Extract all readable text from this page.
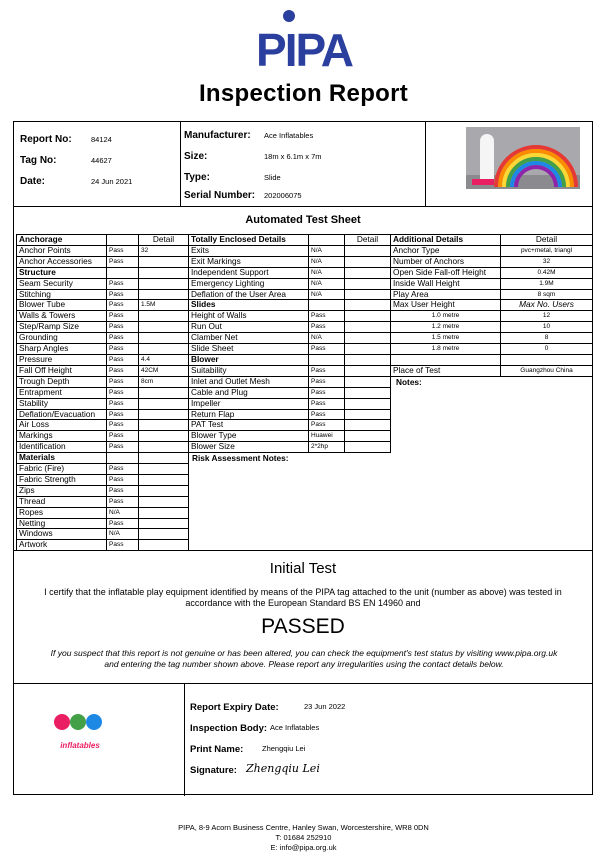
PIPA
Inspection Report
Report No:	84124
Tag No:	44627
Date:	24 Jun 2021
Manufacturer: Ace Inflatables
Size:	18m x 6.1m x 7m
Type:	Slide
Serial Number: 202006075
Automated Test Sheet
Anchorage		Detail
Anchor Points	Pass	32
Anchor Accessories	Pass	
Structure		
Seam Security	Pass	
Stitching	Pass	
Blower Tube	Pass	1.5M
Walls & Towers	Pass	
Step/Ramp Size	Pass	
Grounding	Pass	
Sharp Angles	Pass	
Pressure	Pass	4.4
Fall Off Height	Pass	42CM
Trough Depth	Pass	8cm
Entrapment	Pass	
Stability	Pass	
Deflation/Evacuation	Pass	
Air Loss	Pass	
Markings	Pass	
Identification	Pass	
Materials		
Fabric (Fire)	Pass	
Fabric Strength	Pass	
Zips	Pass	
Thread	Pass	
Ropes	N/A	
Netting	Pass	
Windows	N/A	
Artwork	Pass	
Totally Enclosed Details		Detail
Exits	N/A	
Exit Markings	N/A	
Independent Support	N/A	
Emergency Lighting	N/A	
Deflation of the User Area	N/A	
Slides		
Height of Walls	Pass	
Run Out	Pass	
Clamber Net	N/A	
Slide Sheet	Pass	
Blower		
Suitability	Pass	
Inlet and Outlet Mesh	Pass	
Cable and Plug	Pass	
Impeller	Pass	
Return Flap	Pass	
PAT Test	Pass	
Blower Type	Huawei	
Blower Size	2*2hp	
Risk Assessment Notes:
Additional Details	Detail
Anchor Type	pvc+metal, triangl
Number of Anchors	32
Open Side Fall-off Height	0.42M
Inside Wall Height	1.9M
Play Area	8 sqm
Max User Height	Max No. Users
1.0 metre	12
1.2 metre	10
1.5 metre	8
1.8 metre	0

Place of Test	Guangzhou China
Notes:
Initial Test
I certify that the inflatable play equipment identified by means of the PIPA tag attached to the unit (number as above) was tested in accordance with the European Standard BS EN 14960 and
PASSED
If you suspect that this report is not genuine or has been altered, you can check the equipment's test status by visiting www.pipa.org.uk and entering the tag number shown above. Please report any irregularities using the contact details below.
inflatables
Report Expiry Date:	23 Jun 2022
Inspection Body: Ace Inflatables
Print Name: Zhengqiu Lei
Signature: Zhengqiu Lei
PIPA, 8-9 Acorn Business Centre, Hanley Swan, Worcestershire, WR8 0DN
T: 01684 252910
E: info@pipa.org.uk
